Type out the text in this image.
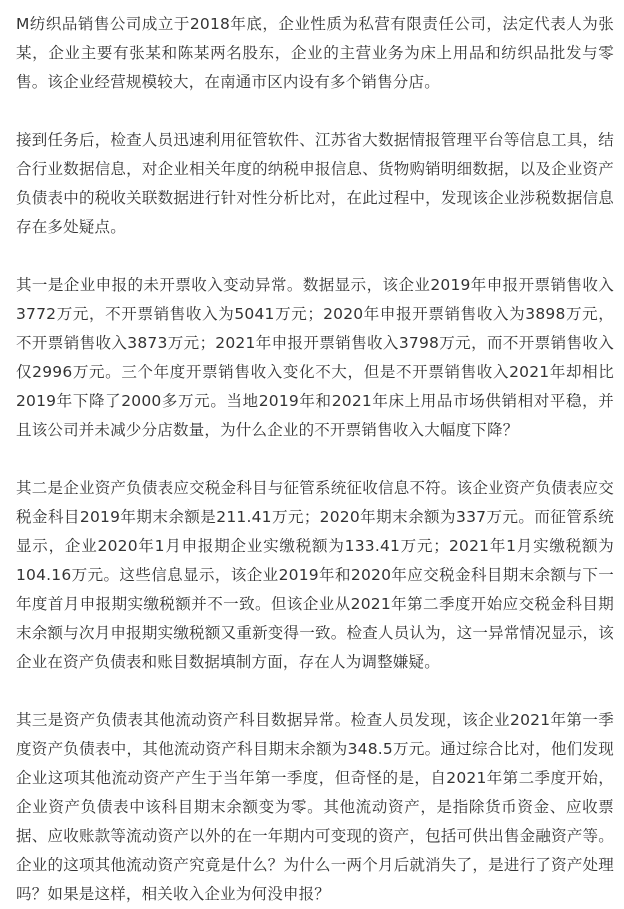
M纺织品销售公司成立于2018年底，企业性质为私营有限责任公司，法定代表人为张某，企业主要有张某和陈某两名股东，企业的主营业务为床上用品和纺织品批发与零售。该企业经营规模较大，在南通市区内设有多个销售分店。

接到任务后，检查人员迅速利用征管软件、江苏省大数据情报管理平台等信息工具，结合行业数据信息，对企业相关年度的纳税申报信息、货物购销明细数据，以及企业资产负债表中的税收关联数据进行针对性分析比对，在此过程中，发现该企业涉税数据信息存在多处疑点。

其一是企业申报的未开票收入变动异常。数据显示，该企业2019年申报开票销售收入3772万元，不开票销售收入为5041万元；2020年申报开票销售收入为3898万元，不开票销售收入3873万元；2021年申报开票销售收入3798万元，而不开票销售收入仅2996万元。三个年度开票销售收入变化不大，但是不开票销售收入2021年却相比2019年下降了2000多万元。当地2019年和2021年床上用品市场供销相对平稳，并且该公司并未减少分店数量，为什么企业的不开票销售收入大幅度下降？

其二是企业资产负债表应交税金科目与征管系统征收信息不符。该企业资产负债表应交税金科目2019年期末余额是211.41万元；2020年期末余额为337万元。而征管系统显示，企业2020年1月申报期企业实缴税额为133.41万元；2021年1月实缴税额为104.16万元。这些信息显示，该企业2019年和2020年应交税金科目期末余额与下一年度首月申报期实缴税额并不一致。但该企业从2021年第二季度开始应交税金科目期末余额与次月申报期实缴税额又重新变得一致。检查人员认为，这一异常情况显示，该企业在资产负债表和账目数据填制方面，存在人为调整嫌疑。

其三是资产负债表其他流动资产科目数据异常。检查人员发现，该企业2021年第一季度资产负债表中，其他流动资产科目期末余额为348.5万元。通过综合比对，他们发现企业这项其他流动资产产生于当年第一季度，但奇怪的是，自2021年第二季度开始，企业资产负债表中该科目期末余额变为零。其他流动资产，是指除货币资金、应收票据、应收账款等流动资产以外的在一年期内可变现的资产，包括可供出售金融资产等。企业的这项其他流动资产究竟是什么？为什么一两个月后就消失了，是进行了资产处理吗？如果是这样，相关收入企业为何没申报？
